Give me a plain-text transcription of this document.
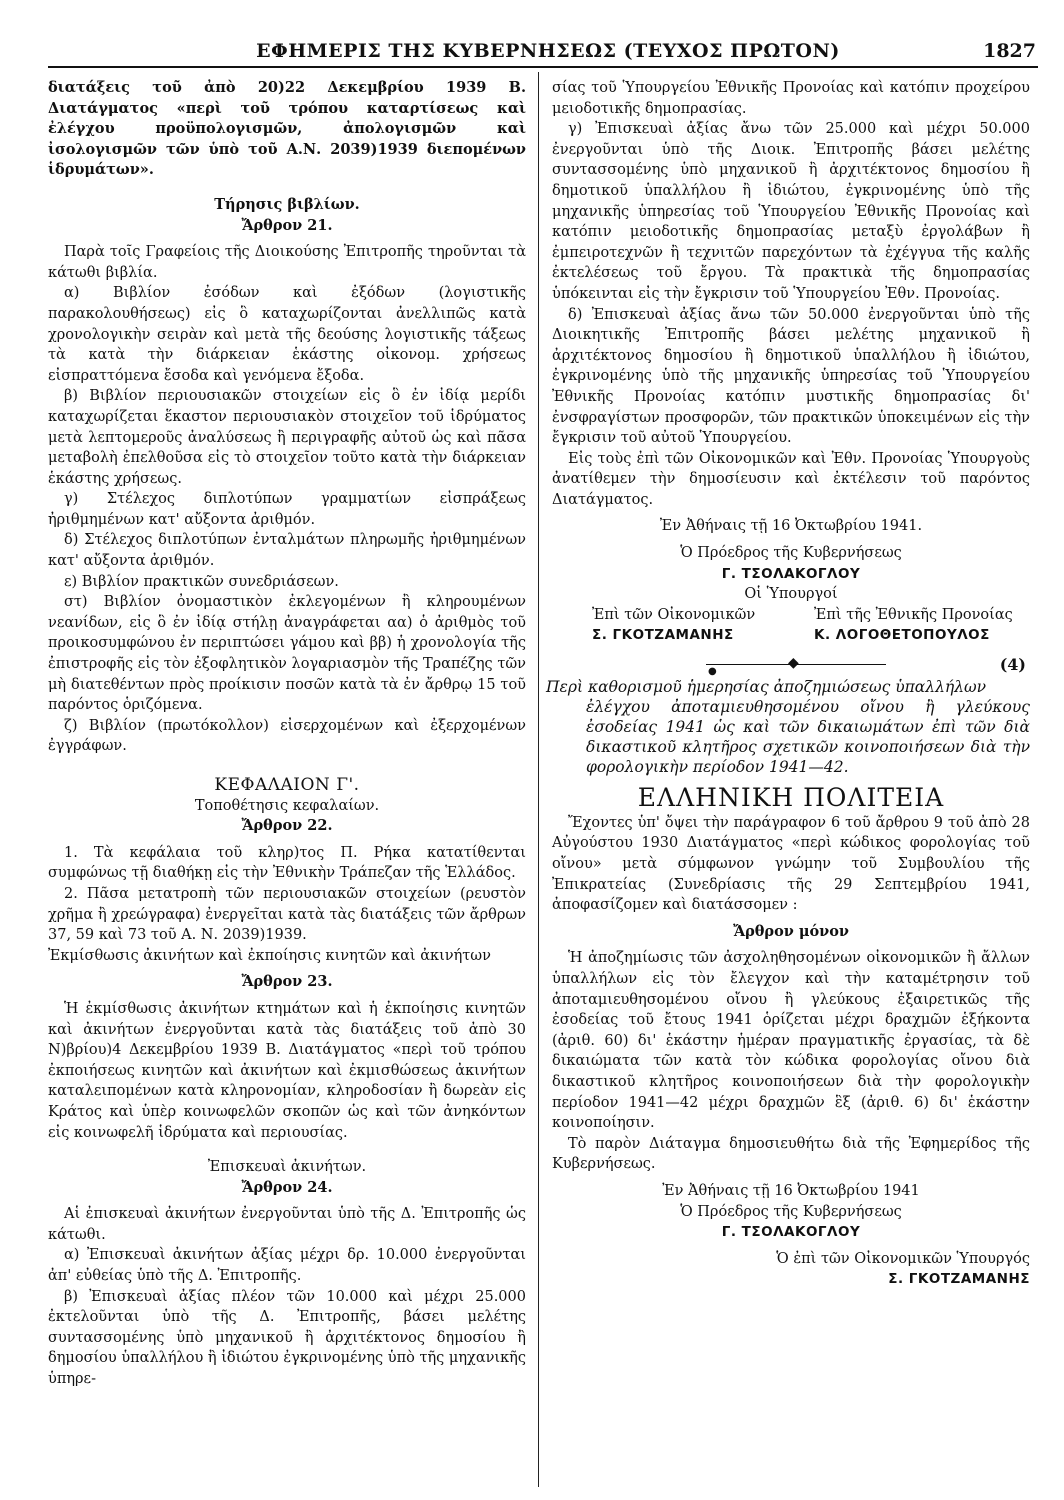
ΕΦΗΜΕΡΙΣ ΤΗΣ ΚΥΒΕΡΝΗΣΕΩΣ (ΤΕΥΧΟΣ ΠΡΩΤΟΝ)	1827

διατάξεις τοῦ ἀπὸ 20)22 Δεκεμβρίου 1939 Β. Διατάγματος «περὶ τοῦ τρόπου καταρτίσεως καὶ ἐλέγχου προϋπολογισμῶν, ἀπολογισμῶν καὶ ἰσολογισμῶν τῶν ὑπὸ τοῦ Α.Ν. 2039)1939 διεπομένων ἱδρυμάτων».

Τήρησις βιβλίων.

Ἄρθρον 21.

Παρὰ τοῖς Γραφείοις τῆς Διοικούσης Ἐπιτροπῆς τηροῦνται τὰ κάτωθι βιβλία.

α) Βιβλίον ἐσόδων καὶ ἐξόδων (λογιστικῆς παρακολουθήσεως) εἰς ὃ καταχωρίζονται ἀνελλιπῶς κατὰ χρονολογικὴν σειρὰν καὶ μετὰ τῆς δεούσης λογιστικῆς τάξεως τὰ κατὰ τὴν διάρκειαν ἑκάστης οἰκονομ. χρήσεως εἰσπραττόμενα ἔσοδα καὶ γενόμενα ἔξοδα.

β) Βιβλίον περιουσιακῶν στοιχείων εἰς ὃ ἐν ἰδίᾳ μερίδι καταχωρίζεται ἕκαστον περιουσιακὸν στοιχεῖον τοῦ ἱδρύματος μετὰ λεπτομεροῦς ἀναλύσεως ἢ περιγραφῆς αὐτοῦ ὡς καὶ πᾶσα μεταβολὴ ἐπελθοῦσα εἰς τὸ στοιχεῖον τοῦτο κατὰ τὴν διάρκειαν ἑκάστης χρήσεως.

γ) Στέλεχος διπλοτύπων γραμματίων εἰσπράξεως ἠριθμημένων κατ' αὔξοντα ἀριθμόν.

δ) Στέλεχος διπλοτύπων ἐνταλμάτων πληρωμῆς ἠριθμημένων κατ' αὔξοντα ἀριθμόν.

ε) Βιβλίον πρακτικῶν συνεδριάσεων.

στ) Βιβλίον ὀνομαστικὸν ἐκλεγομένων ἢ κληρουμένων νεανίδων, εἰς ὃ ἐν ἰδίᾳ στήλῃ ἀναγράφεται αα) ὁ ἀριθμὸς τοῦ προικοσυμφώνου ἐν περιπτώσει γάμου καὶ ββ) ἡ χρονολογία τῆς ἐπιστροφῆς εἰς τὸν ἐξοφλητικὸν λογαριασμὸν τῆς Τραπέζης τῶν μὴ διατεθέντων πρὸς προίκισιν ποσῶν κατὰ τὰ ἐν ἄρθρῳ 15 τοῦ παρόντος ὁριζόμενα.

ζ) Βιβλίον (πρωτόκολλον) εἰσερχομένων καὶ ἐξερχομένων ἐγγράφων.

ΚΕΦΑΛΑΙΟΝ Γ'.

Τοποθέτησις κεφαλαίων.

Ἄρθρον 22.

1. Τὰ κεφάλαια τοῦ κληρ)τος Π. Ρήκα κατατίθενται συμφώνως τῇ διαθήκῃ εἰς τὴν Ἐθνικὴν Τράπεζαν τῆς Ἑλλάδος.

2. Πᾶσα μετατροπὴ τῶν περιουσιακῶν στοιχείων (ρευστὸν χρῆμα ἢ χρεώγραφα) ἐνεργεῖται κατὰ τὰς διατάξεις τῶν ἄρθρων 37, 59 καὶ 73 τοῦ Α. Ν. 2039)1939.

Ἐκμίσθωσις ἀκινήτων καὶ ἐκποίησις κινητῶν καὶ ἀκινήτων

Ἄρθρον 23.

Ἡ ἐκμίσθωσις ἀκινήτων κτημάτων καὶ ἡ ἐκποίησις κινητῶν καὶ ἀκινήτων ἐνεργοῦνται κατὰ τὰς διατάξεις τοῦ ἀπὸ 30 Ν)βρίου)4 Δεκεμβρίου 1939 Β. Διατάγματος «περὶ τοῦ τρόπου ἐκποιήσεως κινητῶν καὶ ἀκινήτων καὶ ἐκμισθώσεως ἀκινήτων καταλειπομένων κατὰ κληρονομίαν, κληροδοσίαν ἢ δωρεὰν εἰς Κράτος καὶ ὑπὲρ κοινωφελῶν σκοπῶν ὡς καὶ τῶν ἀνηκόντων εἰς κοινωφελῆ ἱδρύματα καὶ περιουσίας.

Ἐπισκευαὶ ἀκινήτων.

Ἄρθρον 24.

Αἱ ἐπισκευαὶ ἀκινήτων ἐνεργοῦνται ὑπὸ τῆς Δ. Ἐπιτροπῆς ὡς κάτωθι.

α) Ἐπισκευαὶ ἀκινήτων ἀξίας μέχρι δρ. 10.000 ἐνεργοῦνται ἀπ' εὐθείας ὑπὸ τῆς Δ. Ἐπιτροπῆς.

β) Ἐπισκευαὶ ἀξίας πλέον τῶν 10.000 καὶ μέχρι 25.000 ἐκτελοῦνται ὑπὸ τῆς Δ. Ἐπιτροπῆς, βάσει μελέτης συντασσομένης ὑπὸ μηχανικοῦ ἢ ἀρχιτέκτονος δημοσίου ἢ δημοσίου ὑπαλλήλου ἢ ἰδιώτου ἐγκρινομένης ὑπὸ τῆς μηχανικῆς ὑπηρε-

σίας τοῦ Ὑπουργείου Ἐθνικῆς Προνοίας καὶ κατόπιν προχείρου μειοδοτικῆς δημοπρασίας.

γ) Ἐπισκευαὶ ἀξίας ἄνω τῶν 25.000 καὶ μέχρι 50.000 ἐνεργοῦνται ὑπὸ τῆς Διοικ. Ἐπιτροπῆς βάσει μελέτης συντασσομένης ὑπὸ μηχανικοῦ ἢ ἀρχιτέκτονος δημοσίου ἢ δημοτικοῦ ὑπαλλήλου ἢ ἰδιώτου, ἐγκρινομένης ὑπὸ τῆς μηχανικῆς ὑπηρεσίας τοῦ Ὑπουργείου Ἐθνικῆς Προνοίας καὶ κατόπιν μειοδοτικῆς δημοπρασίας μεταξὺ ἐργολάβων ἢ ἐμπειροτεχνῶν ἢ τεχνιτῶν παρεχόντων τὰ ἐχέγγυα τῆς καλῆς ἐκτελέσεως τοῦ ἔργου. Τὰ πρακτικὰ τῆς δημοπρασίας ὑπόκεινται εἰς τὴν ἔγκρισιν τοῦ Ὑπουργείου Ἐθν. Προνοίας.

δ) Ἐπισκευαὶ ἀξίας ἄνω τῶν 50.000 ἐνεργοῦνται ὑπὸ τῆς Διοικητικῆς Ἐπιτροπῆς βάσει μελέτης μηχανικοῦ ἢ ἀρχιτέκτονος δημοσίου ἢ δημοτικοῦ ὑπαλλήλου ἢ ἰδιώτου, ἐγκρινομένης ὑπὸ τῆς μηχανικῆς ὑπηρεσίας τοῦ Ὑπουργείου Ἐθνικῆς Προνοίας κατόπιν μυστικῆς δημοπρασίας δι' ἐνσφραγίστων προσφορῶν, τῶν πρακτικῶν ὑποκειμένων εἰς τὴν ἔγκρισιν τοῦ αὐτοῦ Ὑπουργείου.

Εἰς τοὺς ἐπὶ τῶν Οἰκονομικῶν καὶ Ἐθν. Προνοίας Ὑπουργοὺς ἀνατίθεμεν τὴν δημοσίευσιν καὶ ἐκτέλεσιν τοῦ παρόντος Διατάγματος.

Ἐν Ἀθήναις τῇ 16 Ὀκτωβρίου 1941.

Ὁ Πρόεδρος τῆς Κυβερνήσεως

Γ. ΤΣΟΛΑΚΟΓΛΟΥ

Οἱ Ὑπουργοί

Ἐπὶ τῶν Οἰκονομικῶν	Ἐπὶ τῆς Ἐθνικῆς Προνοίας
Σ. ΓΚΟΤΖΑΜΑΝΗΣ	Κ. ΛΟΓΟΘΕΤΟΠΟΥΛΟΣ
●
◆	(4)

Περὶ καθορισμοῦ ἡμερησίας ἀποζημιώσεως ὑπαλλήλων

ἐλέγχου ἀποταμιευθησομένου οἴνου ἢ γλεύκους ἐσοδείας 1941 ὡς καὶ τῶν δικαιωμάτων ἐπὶ τῶν διὰ δικαστικοῦ κλητῆρος σχετικῶν κοινοποιήσεων διὰ τὴν φορολογικὴν περίοδον 1941—42.

ΕΛΛΗΝΙΚΗ ΠΟΛΙΤΕΙΑ

Ἔχοντες ὑπ' ὄψει τὴν παράγραφον 6 τοῦ ἄρθρου 9 τοῦ ἀπὸ 28 Αὐγούστου 1930 Διατάγματος «περὶ κώδικος φορολογίας τοῦ οἴνου» μετὰ σύμφωνον γνώμην τοῦ Συμβουλίου τῆς Ἐπικρατείας (Συνεδρίασις τῆς 29 Σεπτεμβρίου 1941, ἀποφασίζομεν καὶ διατάσσομεν :

Ἄρθρον μόνον

Ἡ ἀποζημίωσις τῶν ἀσχοληθησομένων οἰκονομικῶν ἢ ἄλλων ὑπαλλήλων εἰς τὸν ἔλεγχον καὶ τὴν καταμέτρησιν τοῦ ἀποταμιευθησομένου οἴνου ἢ γλεύκους ἐξαιρετικῶς τῆς ἐσοδείας τοῦ ἔτους 1941 ὁρίζεται μέχρι δραχμῶν ἑξήκοντα (ἀριθ. 60) δι' ἑκάστην ἡμέραν πραγματικῆς ἐργασίας, τὰ δὲ δικαιώματα τῶν κατὰ τὸν κώδικα φορολογίας οἴνου διὰ δικαστικοῦ κλητῆρος κοινοποιήσεων διὰ τὴν φορολογικὴν περίοδον 1941—42 μέχρι δραχμῶν ἓξ (ἀριθ. 6) δι' ἑκάστην κοινοποίησιν.

Τὸ παρὸν Διάταγμα δημοσιευθήτω διὰ τῆς Ἐφημερίδος τῆς Κυβερνήσεως.

Ἐν Ἀθήναις τῇ 16 Ὀκτωβρίου 1941

Ὁ Πρόεδρος τῆς Κυβερνήσεως

Γ. ΤΣΟΛΑΚΟΓΛΟΥ

Ὁ ἐπὶ τῶν Οἰκονομικῶν Ὑπουργός

Σ. ΓΚΟΤΖΑΜΑΝΗΣ
